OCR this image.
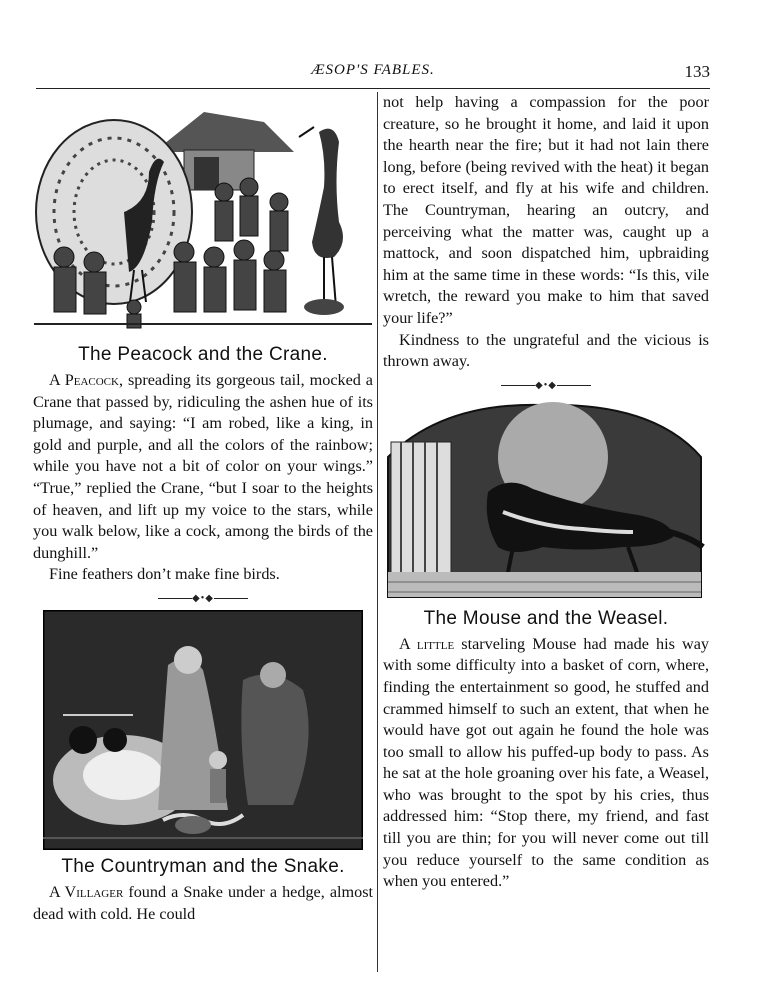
ÆSOP'S FABLES.	133
The Peacock and the Crane.

A Peacock, spreading its gorgeous tail, mocked a Crane that passed by, ridiculing the ashen hue of its plumage, and saying: “I am robed, like a king, in gold and purple, and all the colors of the rainbow; while you have not a bit of color on your wings.” “True,” replied the Crane, “but I soar to the heights of heaven, and lift up my voice to the stars, while you walk below, like a cock, among the birds of the dunghill.”

Fine feathers don’t make fine birds.

◆•◆
The Countryman and the Snake.

A Villager found a Snake under a hedge, almost dead with cold. He could

not help having a compassion for the poor creature, so he brought it home, and laid it upon the hearth near the fire; but it had not lain there long, before (being revived with the heat) it began to erect itself, and fly at his wife and children. The Countryman, hearing an outcry, and perceiving what the matter was, caught up a mattock, and soon dispatched him, upbraiding him at the same time in these words: “Is this, vile wretch, the reward you make to him that saved your life?”

Kindness to the ungrateful and the vicious is thrown away.

◆•◆
The Mouse and the Weasel.

A little starveling Mouse had made his way with some difficulty into a basket of corn, where, finding the entertainment so good, he stuffed and crammed himself to such an extent, that when he would have got out again he found the hole was too small to allow his puffed-up body to pass. As he sat at the hole groaning over his fate, a Weasel, who was brought to the spot by his cries, thus addressed him: “Stop there, my friend, and fast till you are thin; for you will never come out till you reduce yourself to the same condition as when you entered.”
